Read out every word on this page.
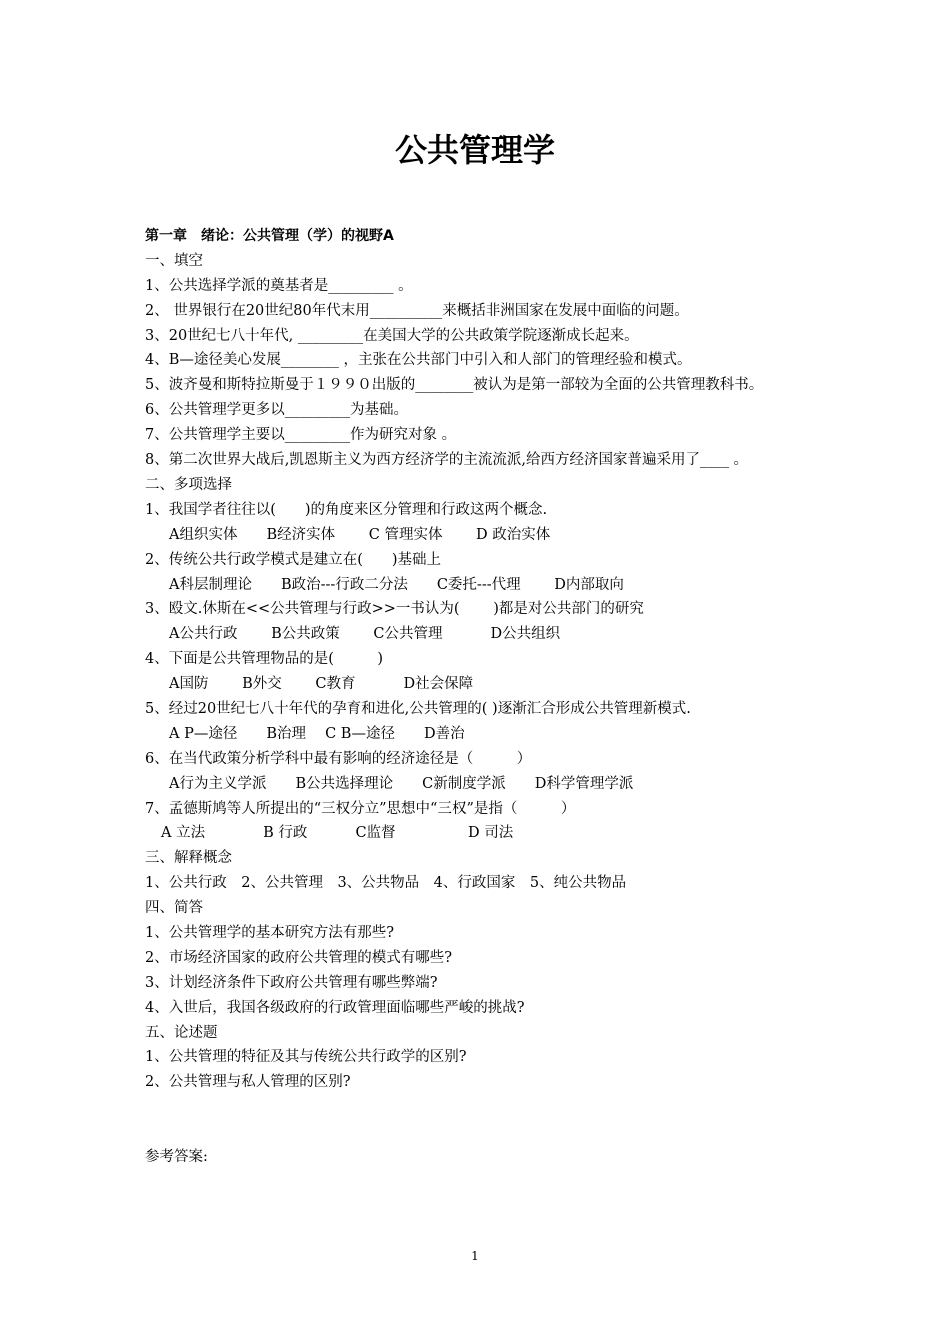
公共管理学
第一章　绪论：公共管理（学）的视野A
一、填空
1、公共选择学派的奠基者是_________ 。
2、 世界银行在20世纪80年代末用__________来概括非洲国家在发展中面临的问题。
3、20世纪七八十年代, _________在美国大学的公共政策学院逐渐成长起来。
4、B—途径美心发展________ ，主张在公共部门中引入和人部门的管理经验和模式。
5、波齐曼和斯特拉斯曼于１９９０出版的________被认为是第一部较为全面的公共管理教科书。
6、公共管理学更多以_________为基础。
7、公共管理学主要以_________作为研究对象 。
8、第二次世界大战后,凯恩斯主义为西方经济学的主流流派,给西方经济国家普遍采用了____ 。
二、多项选择
1、我国学者往往以(　　)的角度来区分管理和行政这两个概念.
A组织实体　　B经济实体　　 C 管理实体　　 D 政治实体
2、传统公共行政学模式是建立在(　　)基础上
A科层制理论　　B政治---行政二分法　　C委托---代理　　 D内部取向
3、殴文.休斯在<<公共管理与行政>>一书认为(　　 )都是对公共部门的研究
A公共行政　　 B公共政策　　 C公共管理　　　 D公共组织
4、下面是公共管理物品的是(　　　)
A国防　　 B外交　　 C教育　　　 D社会保障
5、经过20世纪七八十年代的孕育和进化,公共管理的( )逐渐汇合形成公共管理新模式.
A P—途径　　B治理　 C B—途径　　D善治
6、在当代政策分析学科中最有影响的经济途径是（　　　）
A行为主义学派　　B公共选择理论　　C新制度学派　　D科学管理学派
7、孟德斯鸠等人所提出的“三权分立”思想中“三权”是指（　　　）
A 立法　　　　B 行政　　　 C监督　　　　　D 司法
三、解释概念
1、公共行政　2、公共管理　3、公共物品　4、行政国家　5、纯公共物品
四、简答
1、公共管理学的基本研究方法有那些?
2、市场经济国家的政府公共管理的模式有哪些?
3、计划经济条件下政府公共管理有哪些弊端?
4、入世后，我国各级政府的行政管理面临哪些严峻的挑战?
五、论述题
1、公共管理的特征及其与传统公共行政学的区别?
2、公共管理与私人管理的区别?
参考答案:
1
